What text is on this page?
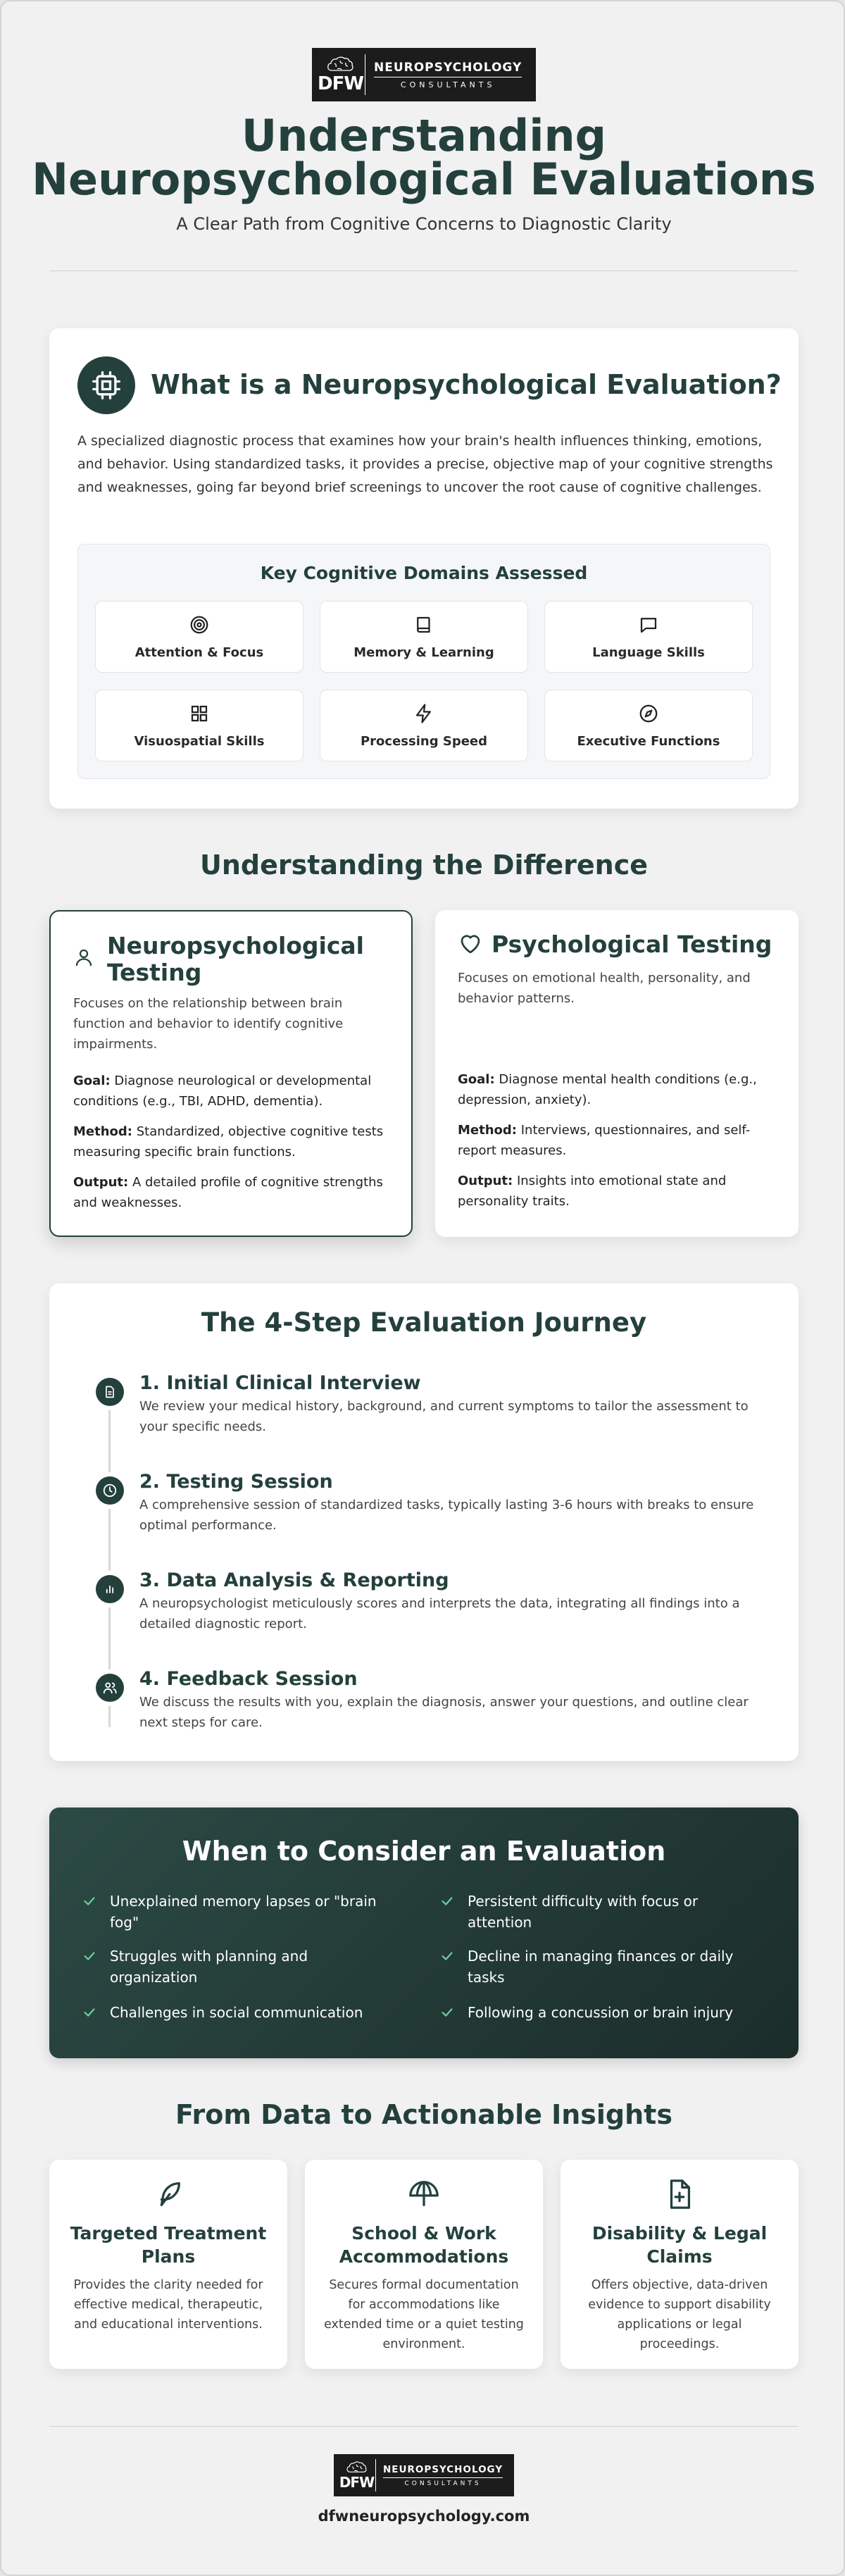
DFW
NEUROPSYCHOLOGY
CONSULTANTS
Understanding
Neuropsychological Evaluations
A Clear Path from Cognitive Concerns to Diagnostic Clarity
What is a Neuropsychological Evaluation?
A specialized diagnostic process that examines how your brain's health influences thinking, emotions, and behavior. Using standardized tasks, it provides a precise, objective map of your cognitive strengths and weaknesses, going far beyond brief screenings to uncover the root cause of cognitive challenges.
Key Cognitive Domains Assessed
Attention & Focus	Memory & Learning	Language Skills
Visuospatial Skills	Processing Speed	Executive Functions
Understanding the Difference
Neuropsychological
Testing
Focuses on the relationship between brain function and behavior to identify cognitive impairments.
Goal: Diagnose neurological or developmental conditions (e.g., TBI, ADHD, dementia).
Method: Standardized, objective cognitive tests measuring specific brain functions.
Output: A detailed profile of cognitive strengths and weaknesses.
Psychological Testing
Focuses on emotional health, personality, and behavior patterns.
Goal: Diagnose mental health conditions (e.g., depression, anxiety).
Method: Interviews, questionnaires, and self-report measures.
Output: Insights into emotional state and personality traits.
The 4-Step Evaluation Journey
1. Initial Clinical Interview
We review your medical history, background, and current symptoms to tailor the assessment to your specific needs.
2. Testing Session
A comprehensive session of standardized tasks, typically lasting 3-6 hours with breaks to ensure optimal performance.
3. Data Analysis & Reporting
A neuropsychologist meticulously scores and interprets the data, integrating all findings into a detailed diagnostic report.
4. Feedback Session
We discuss the results with you, explain the diagnosis, answer your questions, and outline clear next steps for care.
When to Consider an Evaluation
Unexplained memory lapses or "brain fog"
Persistent difficulty with focus or attention
Struggles with planning and organization
Decline in managing finances or daily tasks
Challenges in social communication	Following a concussion or brain injury
From Data to Actionable Insights
Targeted Treatment Plans
Provides the clarity needed for effective medical, therapeutic, and educational interventions.
School & Work Accommodations
Secures formal documentation for accommodations like extended time or a quiet testing environment.
Disability & Legal Claims
Offers objective, data-driven evidence to support disability applications or legal proceedings.
DFW
NEUROPSYCHOLOGY
CONSULTANTS
dfwneuropsychology.com
